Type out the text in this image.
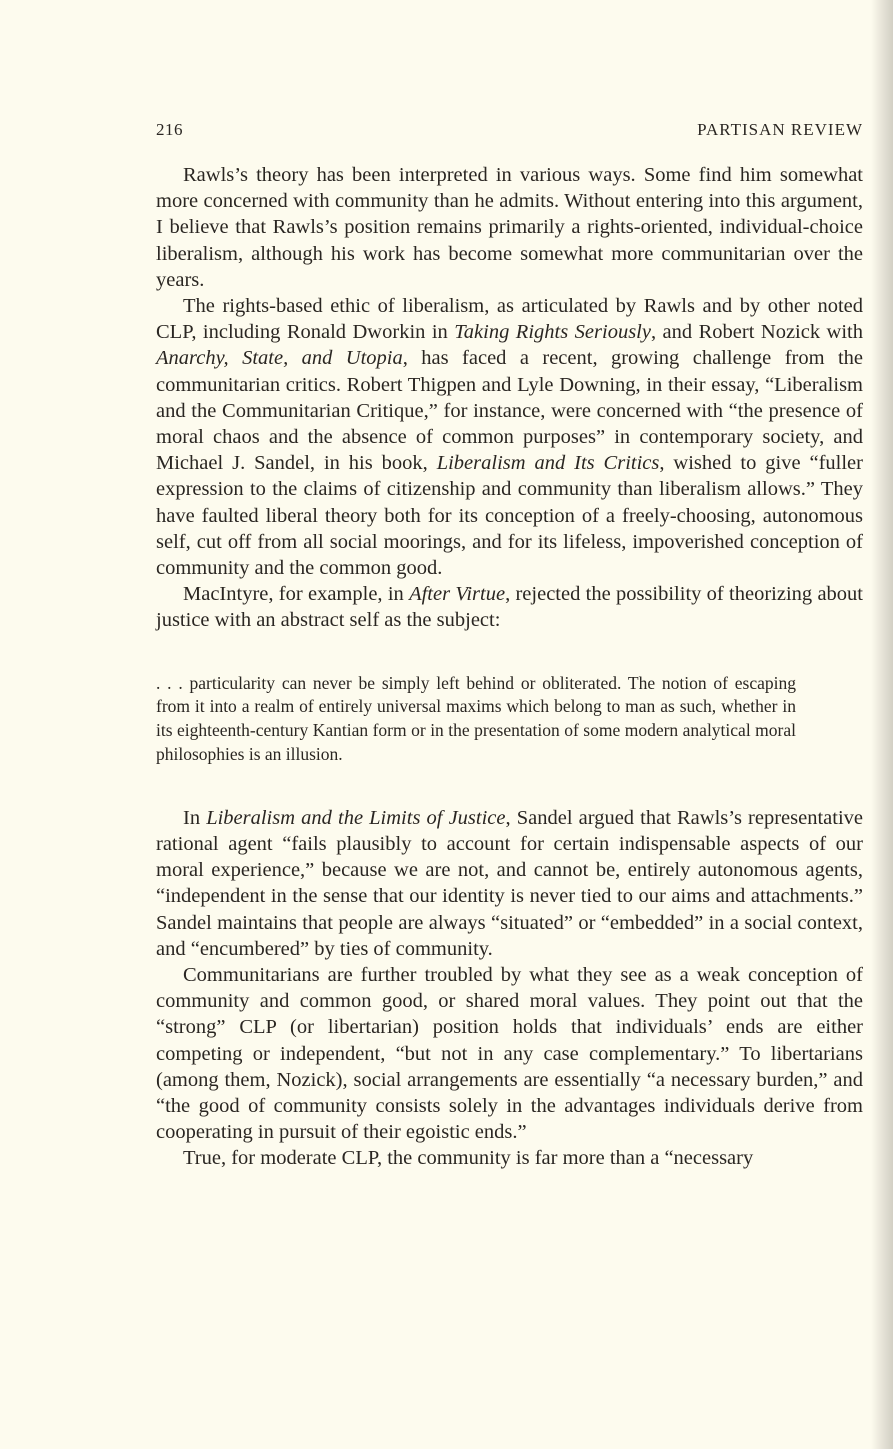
216	PARTISAN REVIEW

Rawls’s theory has been interpreted in various ways. Some find him somewhat more concerned with community than he admits. Without entering into this argument, I believe that Rawls’s position remains primarily a rights-oriented, individual-choice liberalism, although his work has become somewhat more communitarian over the years.

The rights-based ethic of liberalism, as articulated by Rawls and by other noted CLP, including Ronald Dworkin in Taking Rights Seriously, and Robert Nozick with Anarchy, State, and Utopia, has faced a recent, growing challenge from the communitarian critics. Robert Thigpen and Lyle Downing, in their essay, “Liberalism and the Communitarian Critique,” for instance, were concerned with “the presence of moral chaos and the absence of common purposes” in contemporary society, and Michael J. Sandel, in his book, Liberalism and Its Critics, wished to give “fuller expression to the claims of citizenship and community than liberalism allows.” They have faulted liberal theory both for its conception of a freely-choosing, autonomous self, cut off from all social moorings, and for its lifeless, impoverished conception of community and the common good.

MacIntyre, for example, in After Virtue, rejected the possibility of theorizing about justice with an abstract self as the subject:

. . . particularity can never be simply left behind or obliterated. The notion of escaping from it into a realm of entirely universal maxims which belong to man as such, whether in its eighteenth-century Kantian form or in the presentation of some modern analytical moral philosophies is an illusion.

In Liberalism and the Limits of Justice, Sandel argued that Rawls’s representative rational agent “fails plausibly to account for certain indispensable aspects of our moral experience,” because we are not, and cannot be, entirely autonomous agents, “independent in the sense that our identity is never tied to our aims and attachments.” Sandel maintains that people are always “situated” or “embedded” in a social context, and “encumbered” by ties of community.

Communitarians are further troubled by what they see as a weak conception of community and common good, or shared moral values. They point out that the “strong” CLP (or libertarian) position holds that individuals’ ends are either competing or independent, “but not in any case complementary.” To libertarians (among them, Nozick), social arrangements are essentially “a necessary burden,” and “the good of community consists solely in the advantages individuals derive from cooperating in pursuit of their egoistic ends.”

True, for moderate CLP, the community is far more than a “necessary
